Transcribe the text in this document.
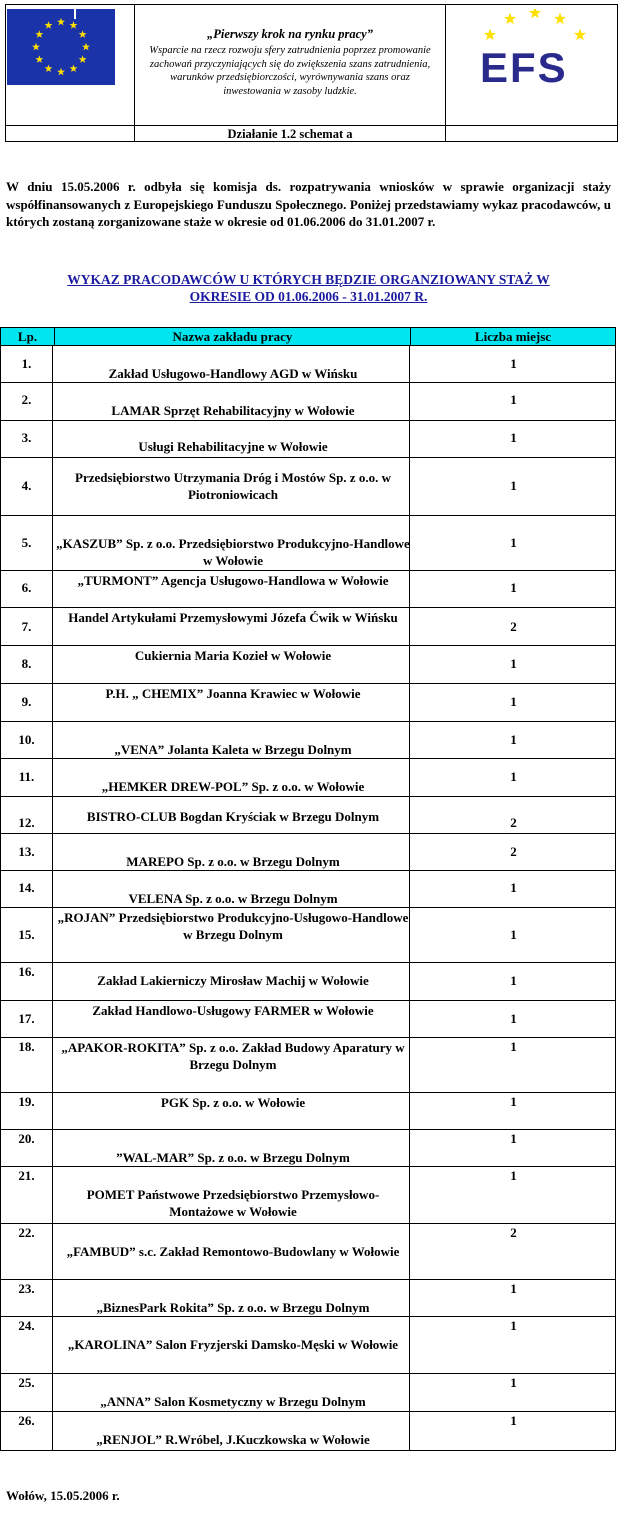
„Pierwszy krok na rynku pracy”
Wsparcie na rzecz rozwoju sfery zatrudnienia poprzez promowanie zachowań przyczyniających się do zwiększenia szans zatrudnienia, warunków przedsiębiorczości, wyrównywania szans oraz inwestowania w zasoby ludzkie.
Działanie 1.2 schemat a
EFS
W dniu 15.05.2006 r. odbyła się komisja ds. rozpatrywania wniosków w sprawie organizacji staży współfinansowanych z Europejskiego Funduszu Społecznego. Poniżej przedstawiamy wykaz pracodawców, u których zostaną zorganizowane staże w okresie od 01.06.2006 do 31.01.2007 r.
WYKAZ PRACODAWCÓW U KTÓRYCH BĘDZIE ORGANZIOWANY STAŻ W
OKRESIE OD 01.06.2006 - 31.01.2007 R.
Lp.	Nazwa zakładu pracy	Liczba miejsc
1.
Zakład Usługowo-Handlowy AGD w Wińsku
1
2.
LAMAR Sprzęt Rehabilitacyjny w Wołowie
1
3.
Usługi Rehabilitacyjne w Wołowie
1
4.
Przedsiębiorstwo Utrzymania Dróg i Mostów Sp. z o.o. w Piotroniowicach
1
5.	„KASZUB” Sp. z o.o. Przedsiębiorstwo Produkcyjno-Handlowe w Wołowie
1
6.	„TURMONT” Agencja Usługowo-Handlowa w Wołowie	1
7.
Handel Artykułami Przemysłowymi Józefa Ćwik w Wińsku
2
8.
Cukiernia Maria Kozieł w Wołowie
1
9.
P.H. „ CHEMIX” Joanna Krawiec w Wołowie
1
10.
„VENA” Jolanta Kaleta w Brzegu Dolnym
1
11.
„HEMKER DREW-POL” Sp. z o.o. w Wołowie
1
12.	BISTRO-CLUB Bogdan Kryściak w Brzegu Dolnym	2
13.
MAREPO Sp. z o.o. w Brzegu Dolnym
2
14.
VELENA Sp. z o.o. w Brzegu Dolnym
1
15.
„ROJAN” Przedsiębiorstwo Produkcyjno-Usługowo-Handlowe w Brzegu Dolnym	1
16.
Zakład Lakierniczy Mirosław Machij w Wołowie	1
17.
Zakład Handlowo-Usługowy FARMER w Wołowie
1
18.	„APAKOR-ROKITA” Sp. z o.o. Zakład Budowy Aparatury w Brzegu Dolnym
1
19.	PGK Sp. z o.o. w Wołowie	1
20.
”WAL-MAR” Sp. z o.o. w Brzegu Dolnym
1
21.
POMET Państwowe Przedsiębiorstwo Przemysłowo-Montażowe w Wołowie
1
22.
„FAMBUD” s.c. Zakład Remontowo-Budowlany w Wołowie
2
23.
„BiznesPark Rokita” Sp. z o.o. w Brzegu Dolnym
1
24.
„KAROLINA” Salon Fryzjerski Damsko-Męski w Wołowie
1
25.
„ANNA” Salon Kosmetyczny w Brzegu Dolnym
1
26.
„RENJOL” R.Wróbel, J.Kuczkowska w Wołowie
1
Wołów, 15.05.2006 r.
